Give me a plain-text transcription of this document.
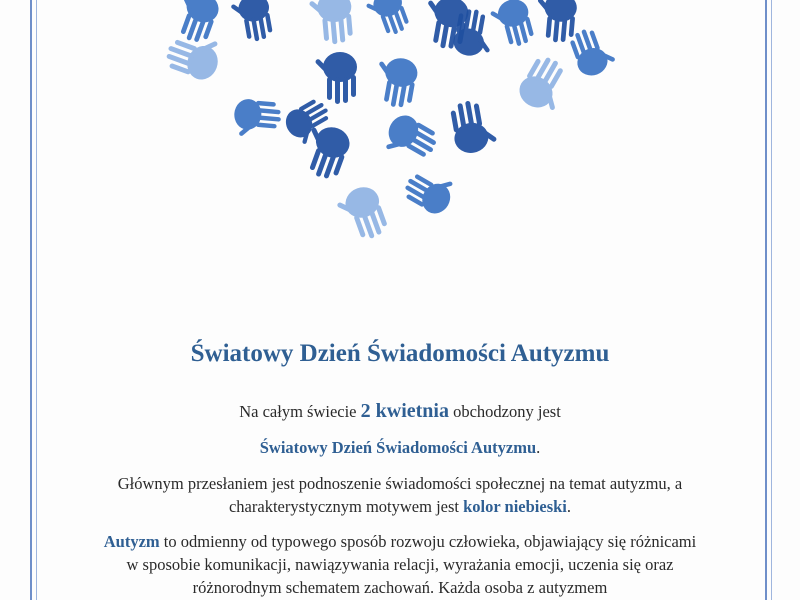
Światowy Dzień Świadomości Autyzmu

Na całym świecie 2 kwietnia obchodzony jest

Światowy Dzień Świadomości Autyzmu.

Głównym przesłaniem jest podnoszenie świadomości społecznej na temat autyzmu, a charakterystycznym motywem jest kolor niebieski.

Autyzm to odmienny od typowego sposób rozwoju człowieka, objawiający się różnicami w sposobie komunikacji, nawiązywania relacji, wyrażania emocji, uczenia się oraz różnorodnym schematem zachowań. Każda osoba z autyzmem
